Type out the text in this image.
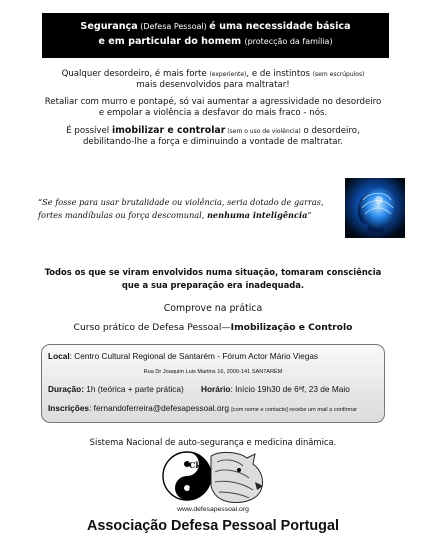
Segurança (Defesa Pessoal) é uma necessidade básica
e em particular do homem (protecção da família)
Qualquer desordeiro, é mais forte (experiente), e de instintos (sem escrúpulos)
mais desenvolvidos para maltratar!
Retaliar com murro e pontapé, só vai aumentar a agressividade no desordeiro
e empolar a violência a desfavor do mais fraco - nós.
É possível imobilizar e controlar (sem o uso de violência) o desordeiro,
debilitando-lhe a força e diminuindo a vontade de maltratar.
“Se fosse para usar brutalidade ou violência, seria dotado de garras,
fortes mandíbulas ou força descomunal, nenhuma inteligência”
Todos os que se viram envolvidos numa situação, tomaram consciência
que a sua preparação era inadequada.
Comprove na prática
Curso prático de Defesa Pessoal—Imobilização e Controlo
Local: Centro Cultural Regional de Santarém - Fórum Actor Mário Viegas
Rua Dr Joaquim Luis Martins 16, 2000-141 SANTARÉM
Duração: 1h (teórica + parte prática) Horário: Início 19h30 de 6ªf, 23 de Maio
Inscrições: fernandoferreira@defesapessoal.org [com nome e contacto] recebe um mail a confirmar
Sistema Nacional de auto-segurança e medicina dinâmica.
Ckj
Oc
www.defesapessoal.org
Associação Defesa Pessoal Portugal
